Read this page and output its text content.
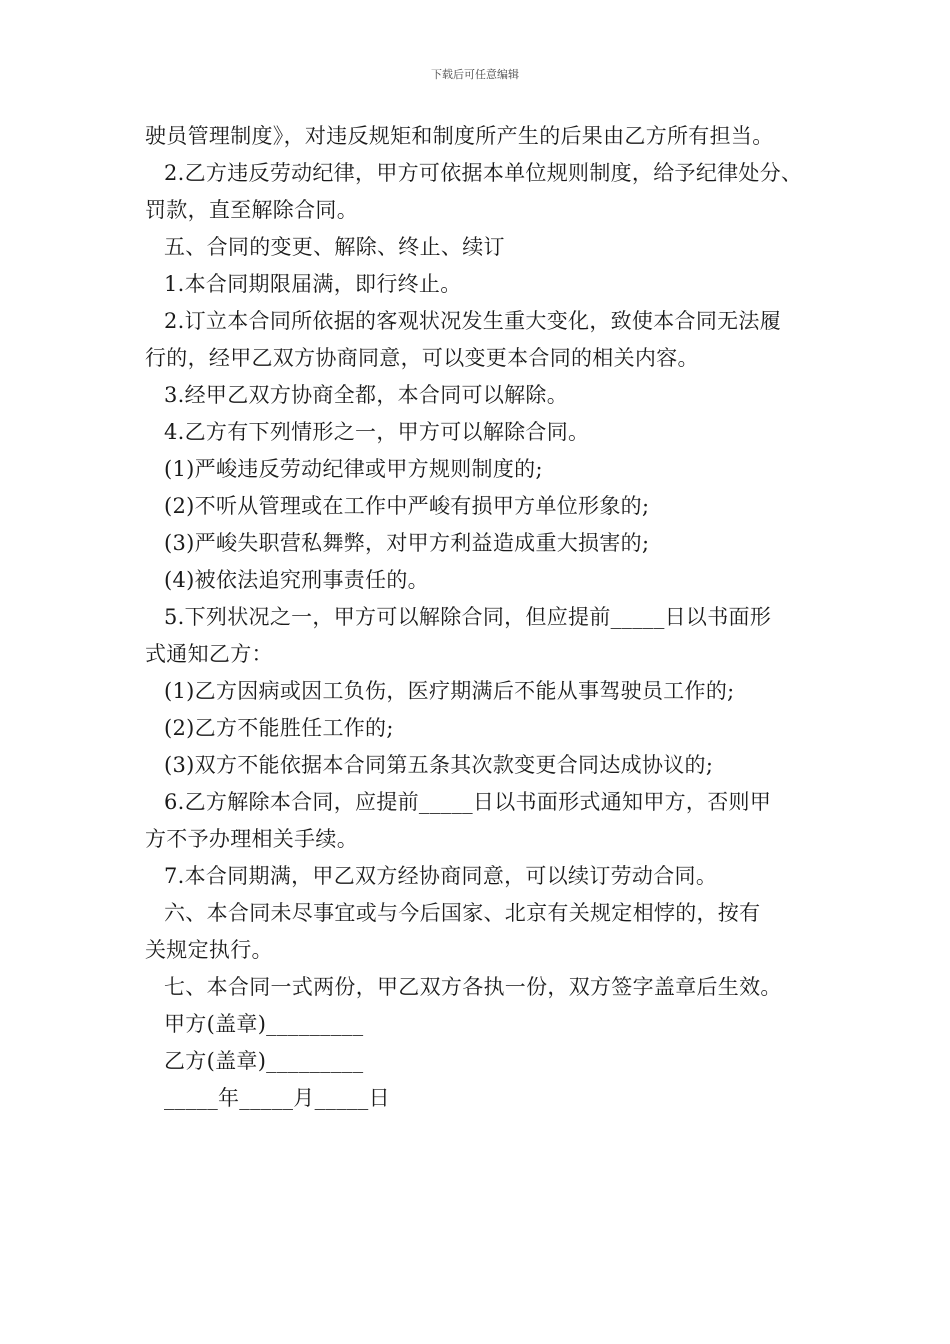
下载后可任意编辑
驶员管理制度》，对违反规矩和制度所产生的后果由乙方所有担当。
2.乙方违反劳动纪律，甲方可依据本单位规则制度，给予纪律处分、
罚款，直至解除合同。
五、合同的变更、解除、终止、续订
1.本合同期限届满，即行终止。
2.订立本合同所依据的客观状况发生重大变化，致使本合同无法履
行的，经甲乙双方协商同意，可以变更本合同的相关内容。
3.经甲乙双方协商全都，本合同可以解除。
4.乙方有下列情形之一，甲方可以解除合同。
(1)严峻违反劳动纪律或甲方规则制度的;
(2)不听从管理或在工作中严峻有损甲方单位形象的;
(3)严峻失职营私舞弊，对甲方利益造成重大损害的;
(4)被依法追究刑事责任的。
5.下列状况之一，甲方可以解除合同，但应提前_____日以书面形
式通知乙方：
(1)乙方因病或因工负伤，医疗期满后不能从事驾驶员工作的;
(2)乙方不能胜任工作的;
(3)双方不能依据本合同第五条其次款变更合同达成协议的;
6.乙方解除本合同，应提前_____日以书面形式通知甲方，否则甲
方不予办理相关手续。
7.本合同期满，甲乙双方经协商同意，可以续订劳动合同。
六、本合同未尽事宜或与今后国家、北京有关规定相悖的，按有
关规定执行。
七、本合同一式两份，甲乙双方各执一份，双方签字盖章后生效。
甲方(盖章)_________
乙方(盖章)_________
_____年_____月_____日
